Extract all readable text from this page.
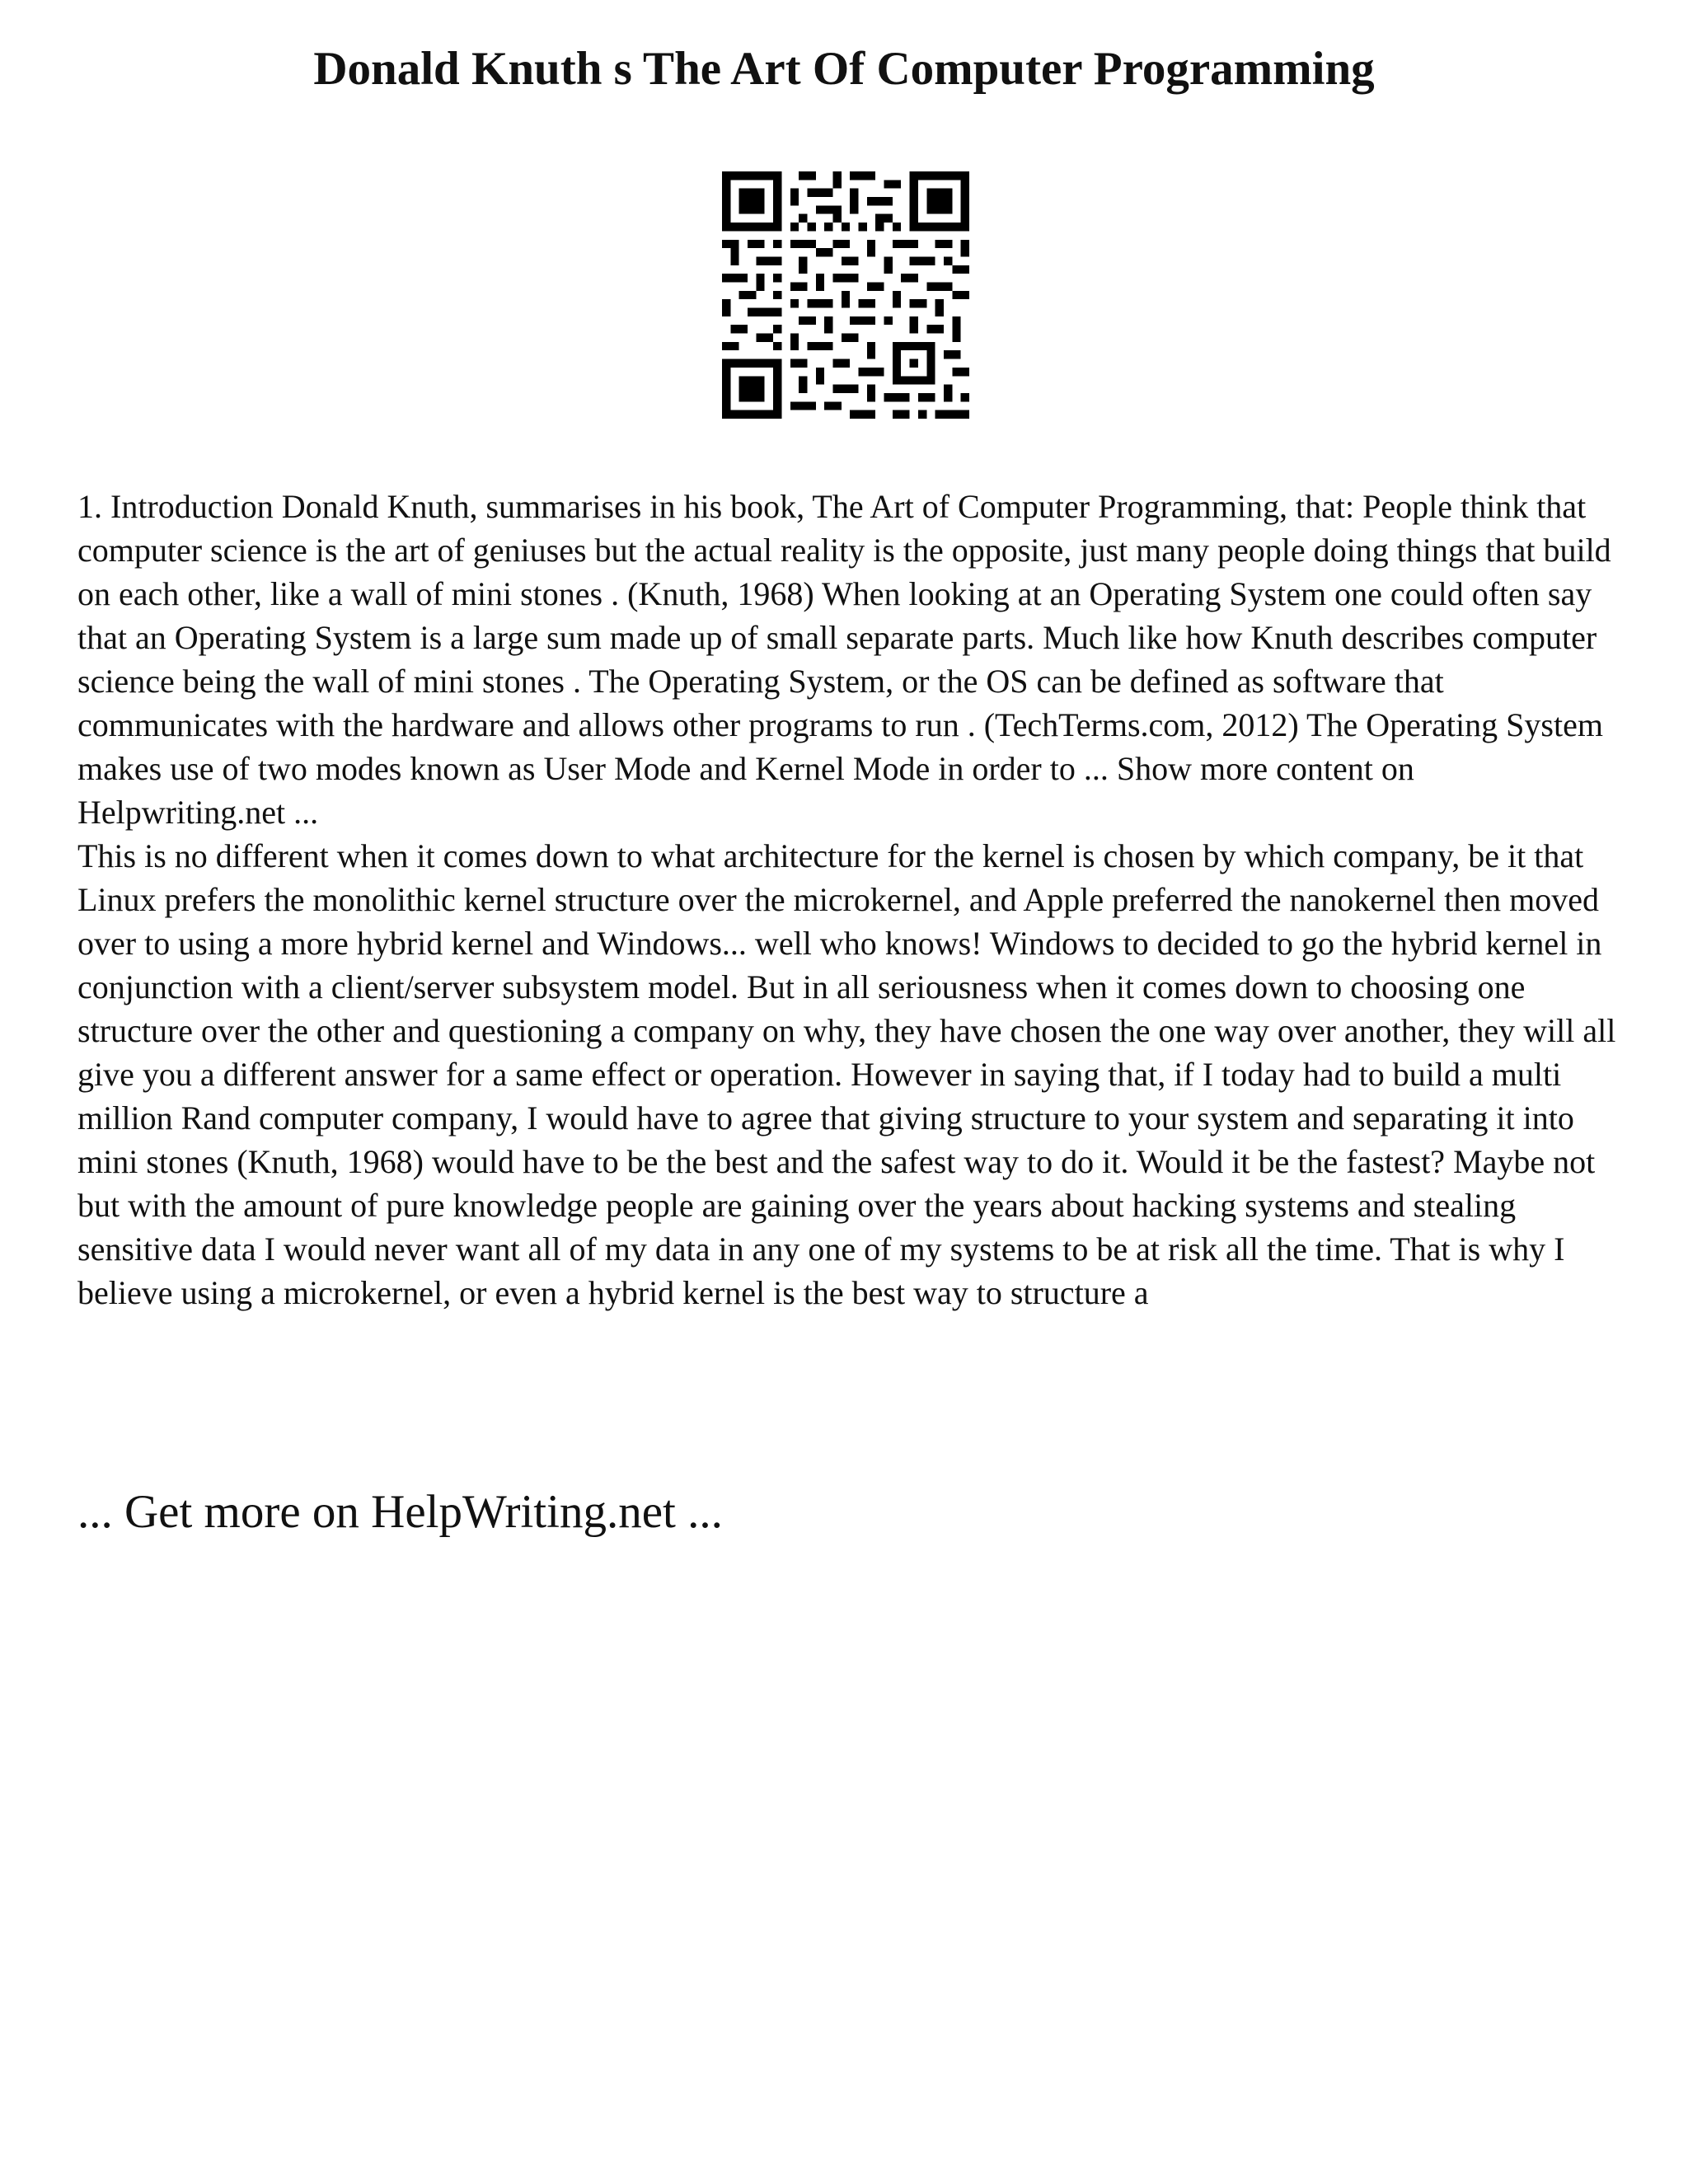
Donald Knuth s The Art Of Computer Programming

1. Introduction Donald Knuth, summarises in his book, The Art of Computer Programming, that: People think that computer science is the art of geniuses but the actual reality is the opposite, just many people doing things that build on each other, like a wall of mini stones . (Knuth, 1968) When looking at an Operating System one could often say that an Operating System is a large sum made up of small separate parts. Much like how Knuth describes computer science being the wall of mini stones . The Operating System, or the OS can be defined as software that communicates with the hardware and allows other programs to run . (TechTerms.com, 2012) The Operating System makes use of two modes known as User Mode and Kernel Mode in order to ... Show more content on Helpwriting.net ...

This is no different when it comes down to what architecture for the kernel is chosen by which company, be it that Linux prefers the monolithic kernel structure over the microkernel, and Apple preferred the nanokernel then moved over to using a more hybrid kernel and Windows... well who knows! Windows to decided to go the hybrid kernel in conjunction with a client/server subsystem model. But in all seriousness when it comes down to choosing one structure over the other and questioning a company on why, they have chosen the one way over another, they will all give you a different answer for a same effect or operation. However in saying that, if I today had to build a multi million Rand computer company, I would have to agree that giving structure to your system and separating it into mini stones (Knuth, 1968) would have to be the best and the safest way to do it. Would it be the fastest? Maybe not but with the amount of pure knowledge people are gaining over the years about hacking systems and stealing sensitive data I would never want all of my data in any one of my systems to be at risk all the time. That is why I believe using a microkernel, or even a hybrid kernel is the best way to structure a

... Get more on HelpWriting.net ...
